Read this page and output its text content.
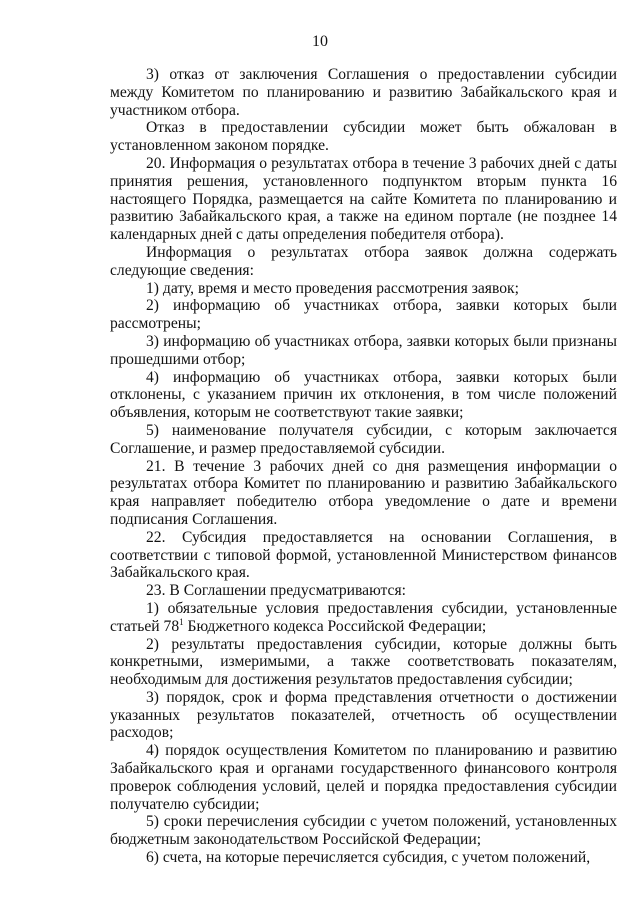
10

3) отказ от заключения Соглашения о предоставлении субсидии между Комитетом по планированию и развитию Забайкальского края и участником отбора.

Отказ в предоставлении субсидии может быть обжалован в установленном законом порядке.

20. Информация о результатах отбора в течение 3 рабочих дней с даты принятия решения, установленного подпунктом вторым пункта 16 настоящего Порядка, размещается на сайте Комитета по планированию и развитию Забайкальского края, а также на едином портале (не позднее 14 календарных дней с даты определения победителя отбора).

Информация о результатах отбора заявок должна содержать следующие сведения:

1) дату, время и место проведения рассмотрения заявок;

2) информацию об участниках отбора, заявки которых были рассмотрены;

3) информацию об участниках отбора, заявки которых были признаны прошедшими отбор;

4) информацию об участниках отбора, заявки которых были отклонены, с указанием причин их отклонения, в том числе положений объявления, которым не соответствуют такие заявки;

5) наименование получателя субсидии, с которым заключается Соглашение, и размер предоставляемой субсидии.

21. В течение 3 рабочих дней со дня размещения информации о результатах отбора Комитет по планированию и развитию Забайкальского края направляет победителю отбора уведомление о дате и времени подписания Соглашения.

22. Субсидия предоставляется на основании Соглашения, в соответствии с типовой формой, установленной Министерством финансов Забайкальского края.

23. В Соглашении предусматриваются:

1) обязательные условия предоставления субсидии, установленные статьей $78^1$ Бюджетного кодекса Российской Федерации;

2) результаты предоставления субсидии, которые должны быть конкретными, измеримыми, а также соответствовать показателям, необходимым для достижения результатов предоставления субсидии;

3) порядок, срок и форма представления отчетности о достижении указанных результатов показателей, отчетность об осуществлении расходов;

4) порядок осуществления Комитетом по планированию и развитию Забайкальского края и органами государственного финансового контроля проверок соблюдения условий, целей и порядка предоставления субсидии получателю субсидии;

5) сроки перечисления субсидии с учетом положений, установленных бюджетным законодательством Российской Федерации;

6) счета, на которые перечисляется субсидия, с учетом положений,
